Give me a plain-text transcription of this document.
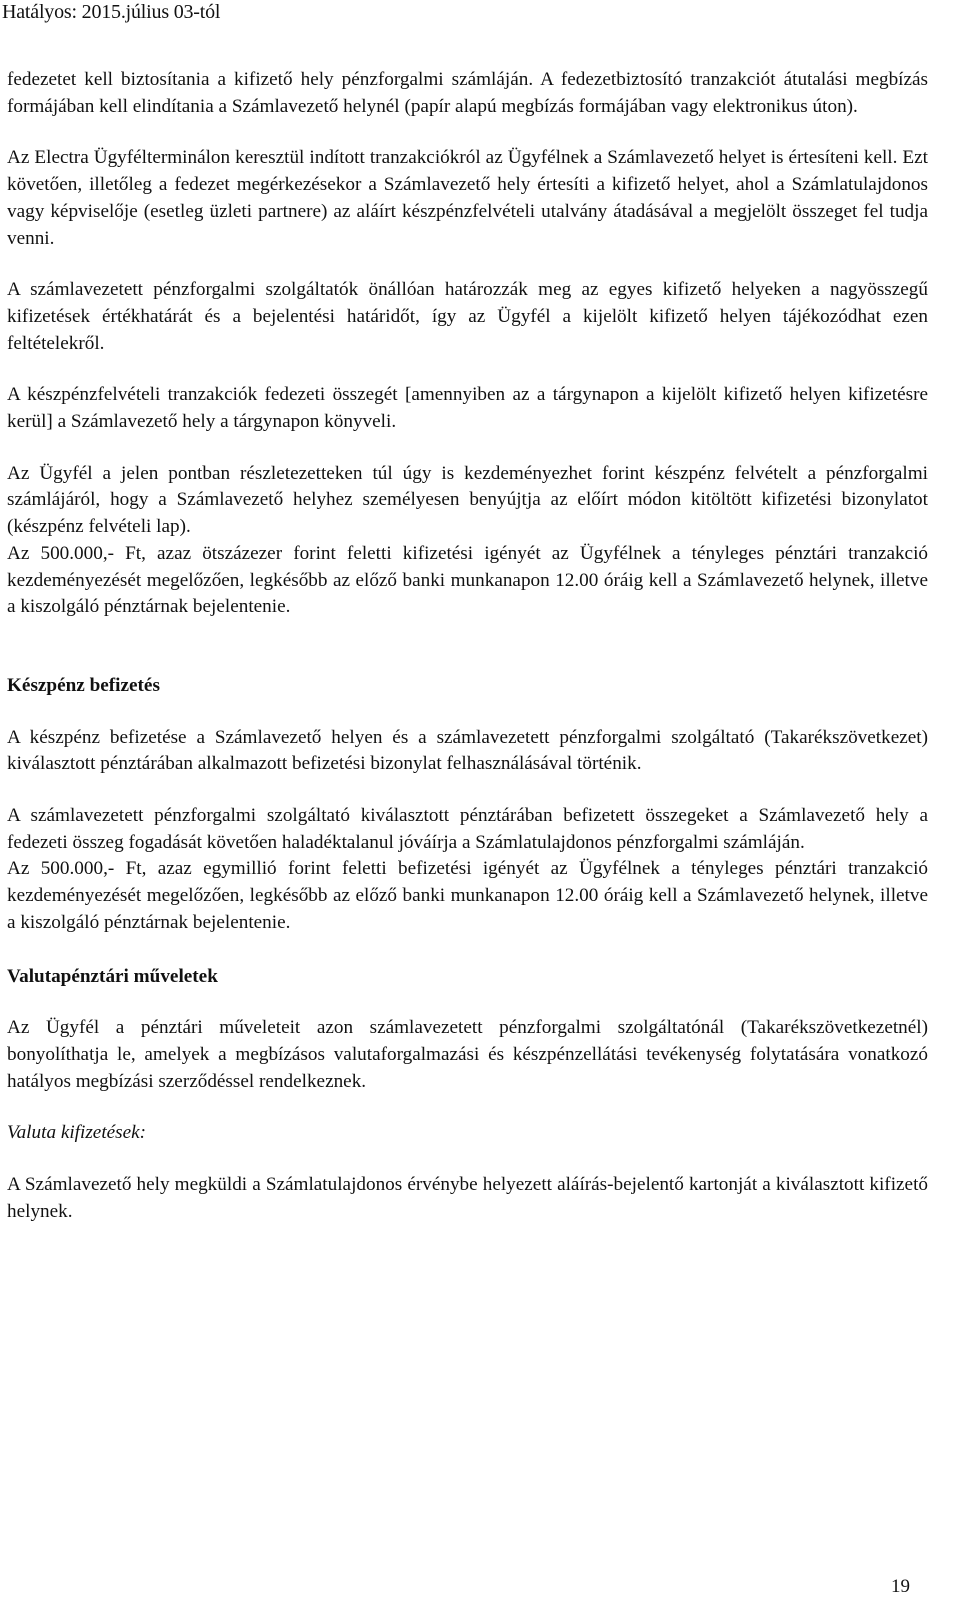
Hatályos: 2015.július 03-tól

fedezetet kell biztosítania a kifizető hely pénzforgalmi számláján. A fedezetbiztosító tranzakciót átutalási megbízás formájában kell elindítania a Számlavezető helynél (papír alapú megbízás formájában vagy elektronikus úton).

Az Electra Ügyfélterminálon keresztül indított tranzakciókról az Ügyfélnek a Számlavezető helyet is értesíteni kell. Ezt követően, illetőleg a fedezet megérkezésekor a Számlavezető hely értesíti a kifizető helyet, ahol a Számlatulajdonos vagy képviselője (esetleg üzleti partnere) az aláírt készpénzfelvételi utalvány átadásával a megjelölt összeget fel tudja venni.

A számlavezetett pénzforgalmi szolgáltatók önállóan határozzák meg az egyes kifizető helyeken a nagyösszegű kifizetések értékhatárát és a bejelentési határidőt, így az Ügyfél a kijelölt kifizető helyen tájékozódhat ezen feltételekről.

A készpénzfelvételi tranzakciók fedezeti összegét [amennyiben az a tárgynapon a kijelölt kifizető helyen kifizetésre kerül] a Számlavezető hely a tárgynapon könyveli.

Az Ügyfél a jelen pontban részletezetteken túl úgy is kezdeményezhet forint készpénz felvételt a pénzforgalmi számlájáról, hogy a Számlavezető helyhez személyesen benyújtja az előírt módon kitöltött kifizetési bizonylatot (készpénz felvételi lap).

Az 500.000,- Ft, azaz ötszázezer forint feletti kifizetési igényét az Ügyfélnek a tényleges pénztári tranzakció kezdeményezését megelőzően, legkésőbb az előző banki munkanapon 12.00 óráig kell a Számlavezető helynek, illetve a kiszolgáló pénztárnak bejelentenie.

Készpénz befizetés

A készpénz befizetése a Számlavezető helyen és a számlavezetett pénzforgalmi szolgáltató (Takarékszövetkezet) kiválasztott pénztárában alkalmazott befizetési bizonylat felhasználásával történik.

A számlavezetett pénzforgalmi szolgáltató kiválasztott pénztárában befizetett összegeket a Számlavezető hely a fedezeti összeg fogadását követően haladéktalanul jóváírja a Számlatulajdonos pénzforgalmi számláján.

Az 500.000,- Ft, azaz egymillió forint feletti befizetési igényét az Ügyfélnek a tényleges pénztári tranzakció kezdeményezését megelőzően, legkésőbb az előző banki munkanapon 12.00 óráig kell a Számlavezető helynek, illetve a kiszolgáló pénztárnak bejelentenie.

Valutapénztári műveletek

Az Ügyfél a pénztári műveleteit azon számlavezetett pénzforgalmi szolgáltatónál (Takarékszövetkezetnél) bonyolíthatja le, amelyek a megbízásos valutaforgalmazási és készpénzellátási tevékenység folytatására vonatkozó hatályos megbízási szerződéssel rendelkeznek.

Valuta kifizetések:

A Számlavezető hely megküldi a Számlatulajdonos érvénybe helyezett aláírás-bejelentő kartonját a kiválasztott kifizető helynek.

19
